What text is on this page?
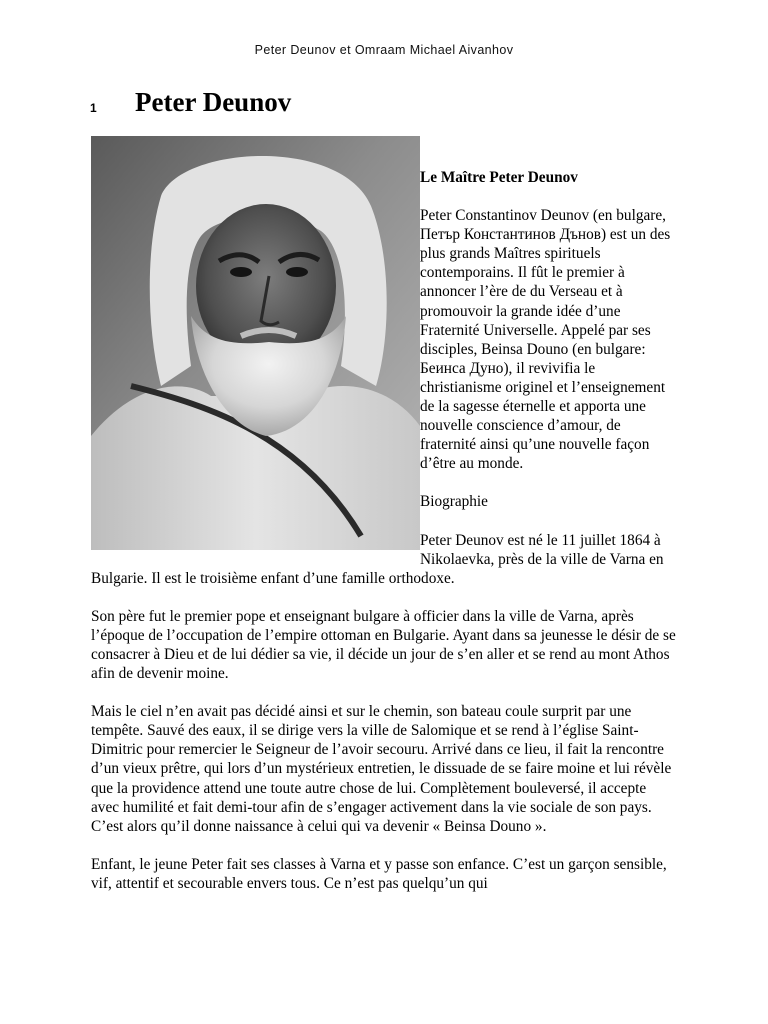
Peter Deunov et Omraam Michael Aivanhov
1 Peter Deunov

Le Maître Peter Deunov

Peter Constantinov Deunov (en bulgare, Петър Константинов Дънов) est un des plus grands Maîtres spirituels contemporains. Il fût le premier à annoncer l’ère de du Verseau et à promouvoir la grande idée d’une Fraternité Universelle. Appelé par ses disciples, Beinsa Douno (en bulgare: Беинса Дуно), il revivifia le christianisme originel et l’enseignement de la sagesse éternelle et apporta une nouvelle conscience d’amour, de fraternité ainsi qu’une nouvelle façon d’être au monde.

Biographie

Peter Deunov est né le 11 juillet 1864 à Nikolaevka, près de la ville de Varna en Bulgarie. Il est le troisième enfant d’une famille orthodoxe.

Son père fut le premier pope et enseignant bulgare à officier dans la ville de Varna, après l’époque de l’occupation de l’empire ottoman en Bulgarie. Ayant dans sa jeunesse le désir de se consacrer à Dieu et de lui dédier sa vie, il décide un jour de s’en aller et se rend au mont Athos afin de devenir moine.

Mais le ciel n’en avait pas décidé ainsi et sur le chemin, son bateau coule surprit par une tempête. Sauvé des eaux, il se dirige vers la ville de Salomique et se rend à l’église Saint-Dimitric pour remercier le Seigneur de l’avoir secouru. Arrivé dans ce lieu, il fait la rencontre d’un vieux prêtre, qui lors d’un mystérieux entretien, le dissuade de se faire moine et lui révèle que la providence attend une toute autre chose de lui. Complètement bouleversé, il accepte avec humilité et fait demi-tour afin de s’engager activement dans la vie sociale de son pays. C’est alors qu’il donne naissance à celui qui va devenir « Beinsa Douno ».

Enfant, le jeune Peter fait ses classes à Varna et y passe son enfance. C’est un garçon sensible, vif, attentif et secourable envers tous. Ce n’est pas quelqu’un qui
